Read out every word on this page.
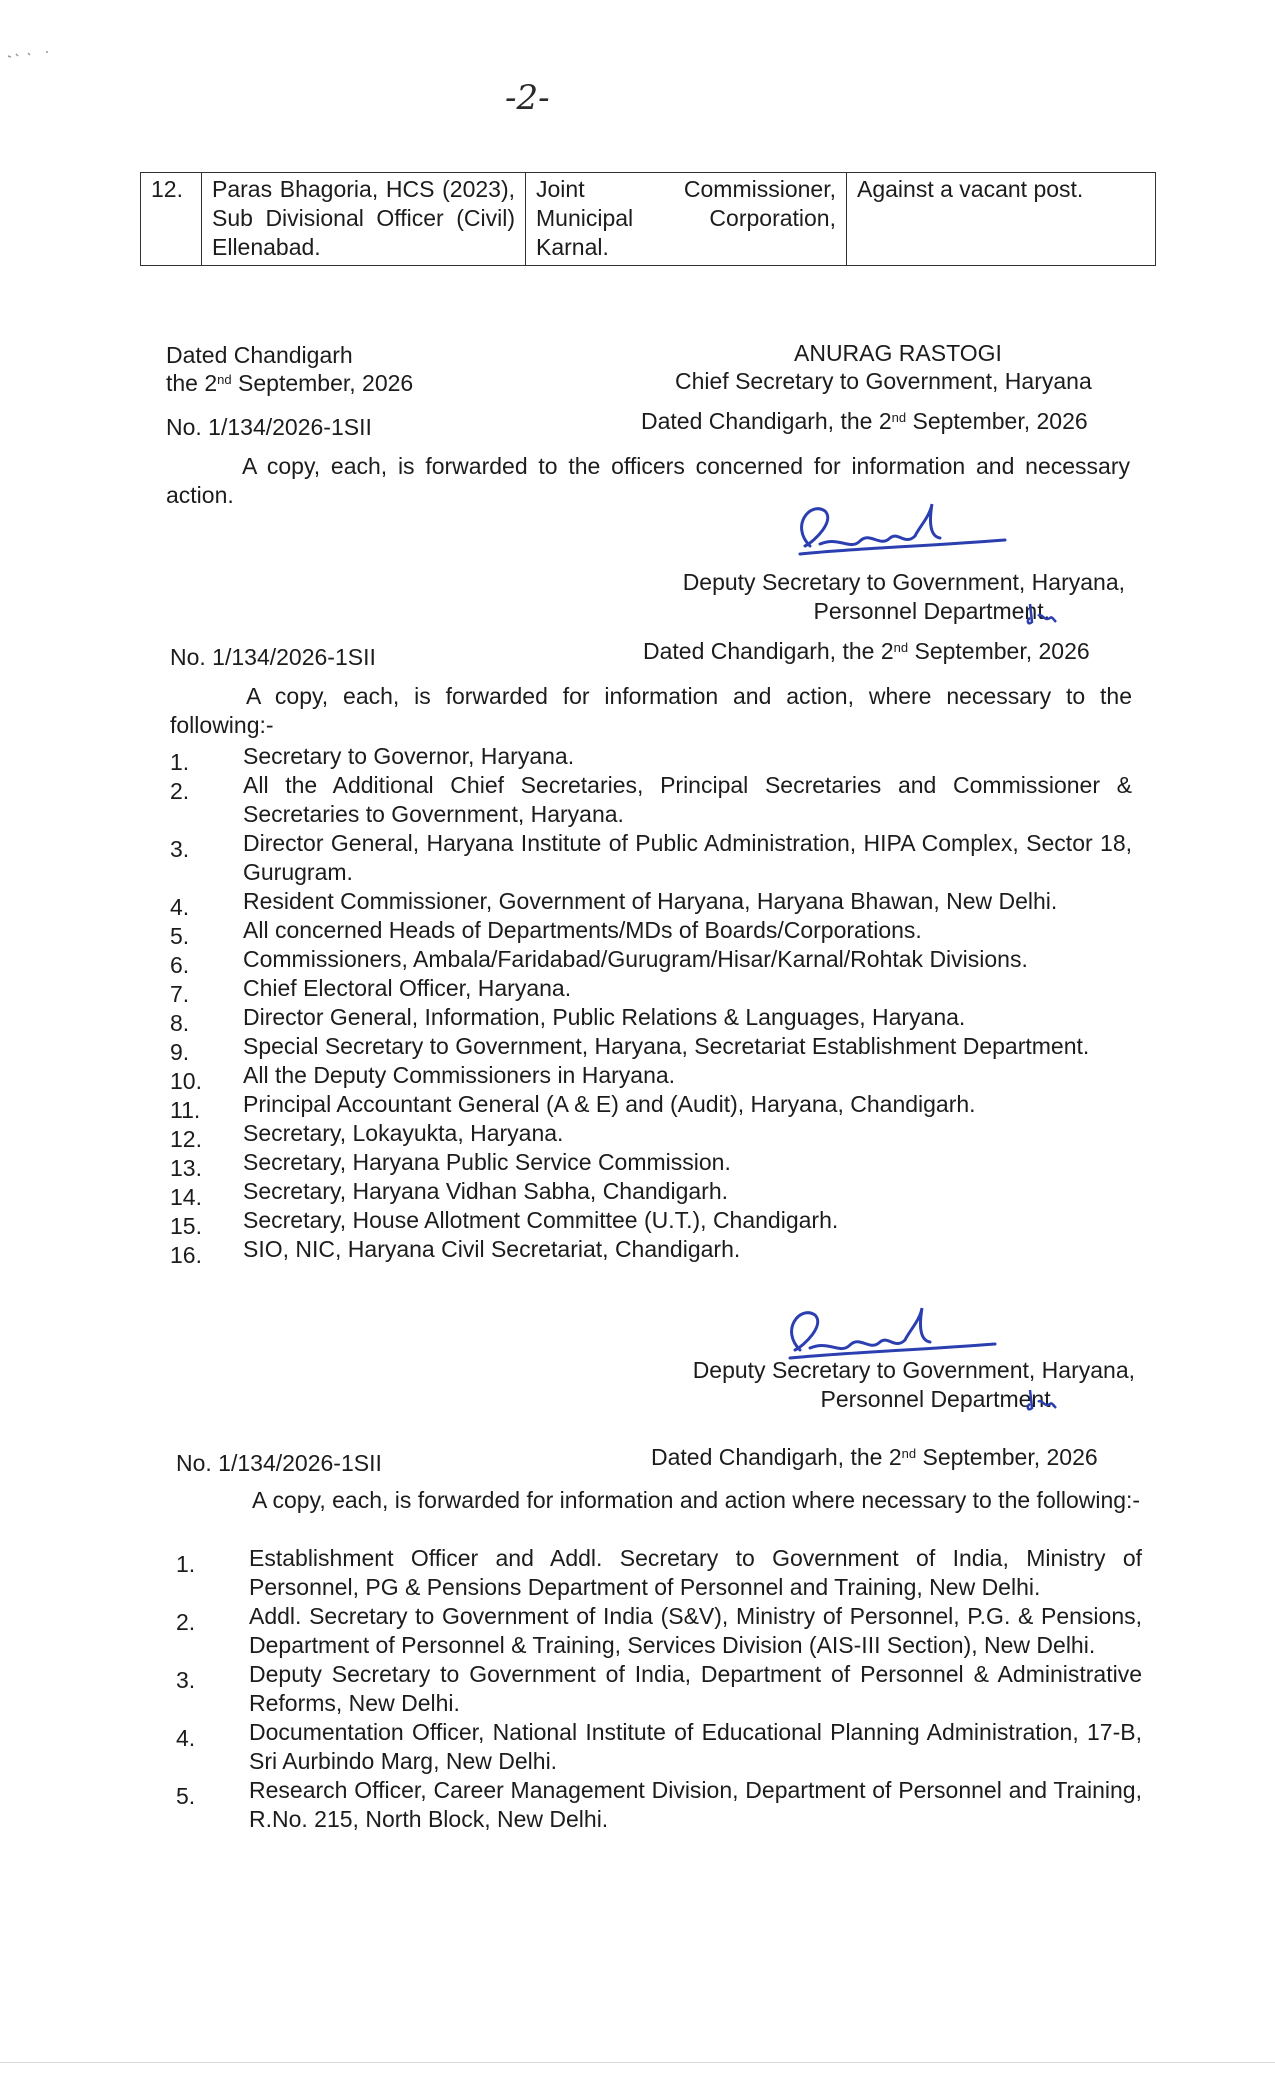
-2-
12.	Paras Bhagoria, HCS (2023), Sub Divisional Officer (Civil) Ellenabad.	Joint Commissioner, Municipal Corporation, Karnal.	Against a vacant post.
Dated Chandigarh
the 2nd September, 2026
ANURAG RASTOGI
Chief Secretary to Government, Haryana
No. 1/134/2026-1SII	Dated Chandigarh, the 2nd September, 2026
A copy, each, is forwarded to the officers concerned for information and necessary action.
Deputy Secretary to Government, Haryana,
Personnel Department.
No. 1/134/2026-1SII	Dated Chandigarh, the 2nd September, 2026
A copy, each, is forwarded for information and action, where necessary to the following:-
1. Secretary to Governor, Haryana.
2. All the Additional Chief Secretaries, Principal Secretaries and Commissioner & Secretaries to Government, Haryana.
3. Director General, Haryana Institute of Public Administration, HIPA Complex, Sector 18, Gurugram.
4. Resident Commissioner, Government of Haryana, Haryana Bhawan, New Delhi.
5. All concerned Heads of Departments/MDs of Boards/Corporations.
6. Commissioners, Ambala/Faridabad/Gurugram/Hisar/Karnal/Rohtak Divisions.
7. Chief Electoral Officer, Haryana.
8. Director General, Information, Public Relations & Languages, Haryana.
9. Special Secretary to Government, Haryana, Secretariat Establishment Department.
10. All the Deputy Commissioners in Haryana.
11. Principal Accountant General (A & E) and (Audit), Haryana, Chandigarh.
12. Secretary, Lokayukta, Haryana.
13. Secretary, Haryana Public Service Commission.
14. Secretary, Haryana Vidhan Sabha, Chandigarh.
15. Secretary, House Allotment Committee (U.T.), Chandigarh.
16. SIO, NIC, Haryana Civil Secretariat, Chandigarh.
Deputy Secretary to Government, Haryana,
Personnel Department.
No. 1/134/2026-1SII	Dated Chandigarh, the 2nd September, 2026
A copy, each, is forwarded for information and action where necessary to the following:-
1. Establishment Officer and Addl. Secretary to Government of India, Ministry of Personnel, PG & Pensions Department of Personnel and Training, New Delhi.
2. Addl. Secretary to Government of India (S&V), Ministry of Personnel, P.G. & Pensions, Department of Personnel & Training, Services Division (AIS-III Section), New Delhi.
3. Deputy Secretary to Government of India, Department of Personnel & Administrative Reforms, New Delhi.
4. Documentation Officer, National Institute of Educational Planning Administration, 17-B, Sri Aurbindo Marg, New Delhi.
5. Research Officer, Career Management Division, Department of Personnel and Training, R.No. 215, North Block, New Delhi.
